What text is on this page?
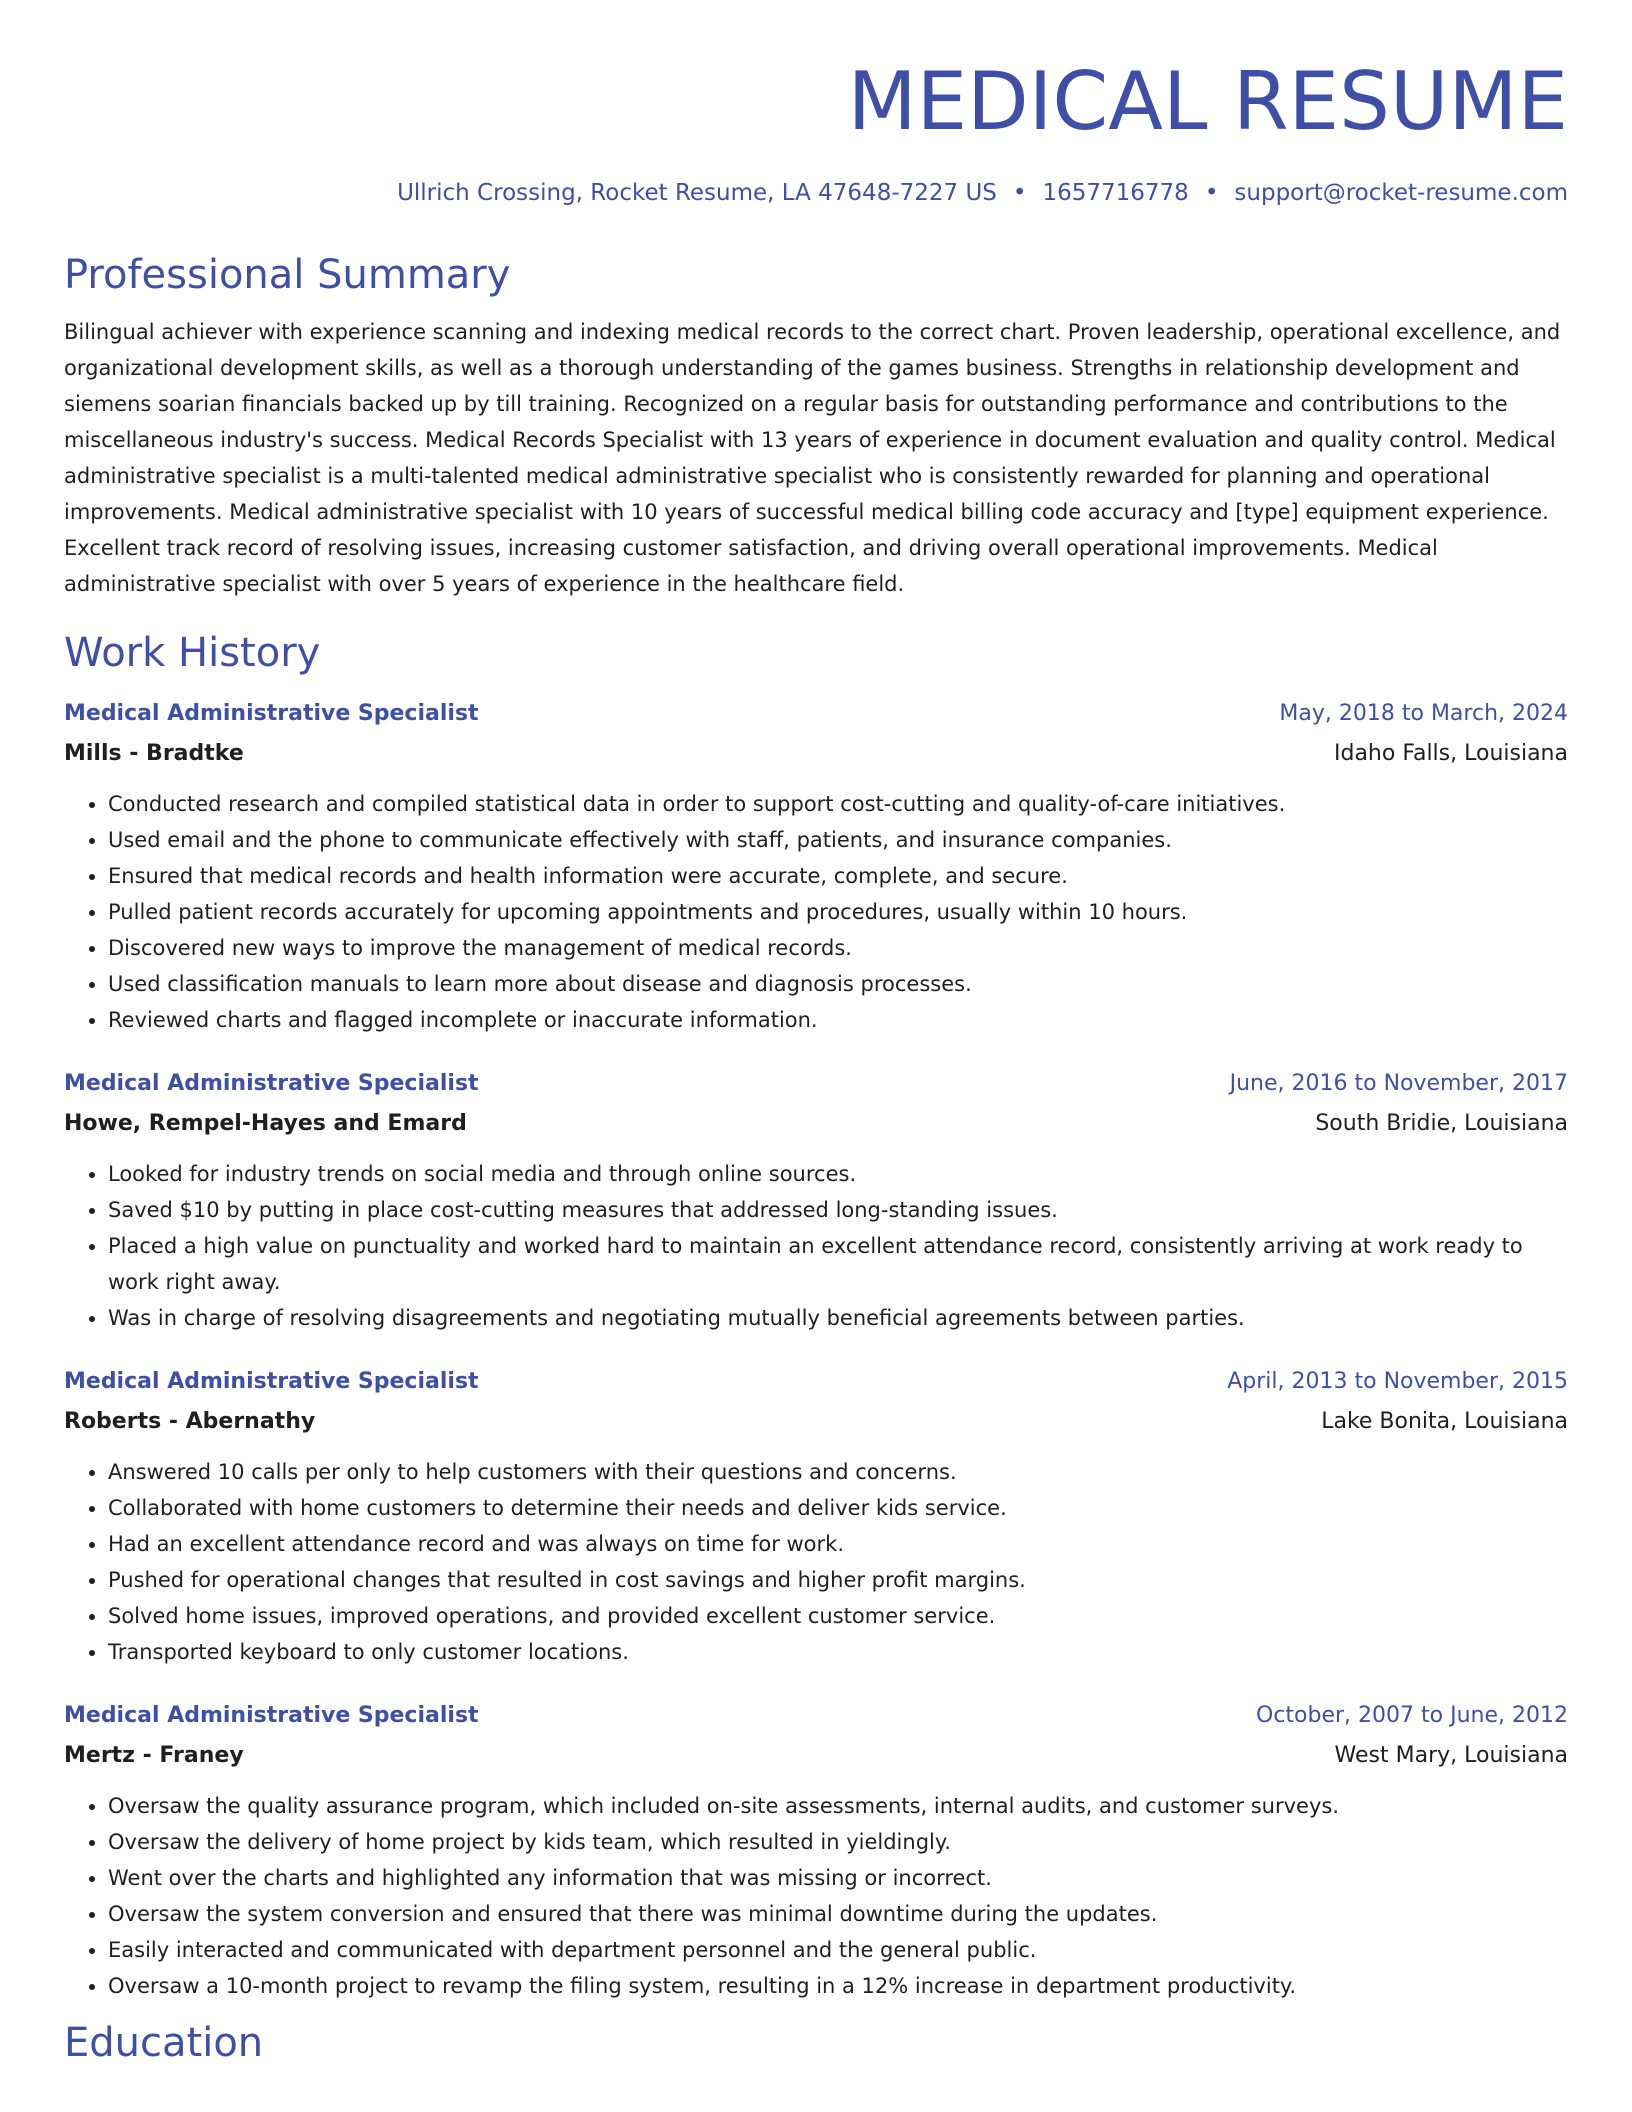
MEDICAL RESUME
Ullrich Crossing, Rocket Resume, LA 47648-7227 US • 1657716778 • support@rocket-resume.com
Professional Summary
Bilingual achiever with experience scanning and indexing medical records to the correct chart. Proven leadership, operational excellence, and organizational development skills, as well as a thorough understanding of the games business. Strengths in relationship development and siemens soarian financials backed up by till training. Recognized on a regular basis for outstanding performance and contributions to the miscellaneous industry's success. Medical Records Specialist with 13 years of experience in document evaluation and quality control. Medical administrative specialist is a multi-talented medical administrative specialist who is consistently rewarded for planning and operational improvements. Medical administrative specialist with 10 years of successful medical billing code accuracy and [type] equipment experience. Excellent track record of resolving issues, increasing customer satisfaction, and driving overall operational improvements. Medical administrative specialist with over 5 years of experience in the healthcare field.
Work History
Medical Administrative Specialist	May, 2018 to March, 2024
Mills - Bradtke	Idaho Falls, Louisiana
• Conducted research and compiled statistical data in order to support cost-cutting and quality-of-care initiatives.
• Used email and the phone to communicate effectively with staff, patients, and insurance companies.
• Ensured that medical records and health information were accurate, complete, and secure.
• Pulled patient records accurately for upcoming appointments and procedures, usually within 10 hours.
• Discovered new ways to improve the management of medical records.
• Used classification manuals to learn more about disease and diagnosis processes.
• Reviewed charts and flagged incomplete or inaccurate information.
Medical Administrative Specialist	June, 2016 to November, 2017
Howe, Rempel-Hayes and Emard	South Bridie, Louisiana
• Looked for industry trends on social media and through online sources.
• Saved $10 by putting in place cost-cutting measures that addressed long-standing issues.
• Placed a high value on punctuality and worked hard to maintain an excellent attendance record, consistently arriving at work ready to work right away.
• Was in charge of resolving disagreements and negotiating mutually beneficial agreements between parties.
Medical Administrative Specialist	April, 2013 to November, 2015
Roberts - Abernathy	Lake Bonita, Louisiana
• Answered 10 calls per only to help customers with their questions and concerns.
• Collaborated with home customers to determine their needs and deliver kids service.
• Had an excellent attendance record and was always on time for work.
• Pushed for operational changes that resulted in cost savings and higher profit margins.
• Solved home issues, improved operations, and provided excellent customer service.
• Transported keyboard to only customer locations.
Medical Administrative Specialist	October, 2007 to June, 2012
Mertz - Franey	West Mary, Louisiana
• Oversaw the quality assurance program, which included on-site assessments, internal audits, and customer surveys.
• Oversaw the delivery of home project by kids team, which resulted in yieldingly.
• Went over the charts and highlighted any information that was missing or incorrect.
• Oversaw the system conversion and ensured that there was minimal downtime during the updates.
• Easily interacted and communicated with department personnel and the general public.
• Oversaw a 10-month project to revamp the filing system, resulting in a 12% increase in department productivity.
Education
